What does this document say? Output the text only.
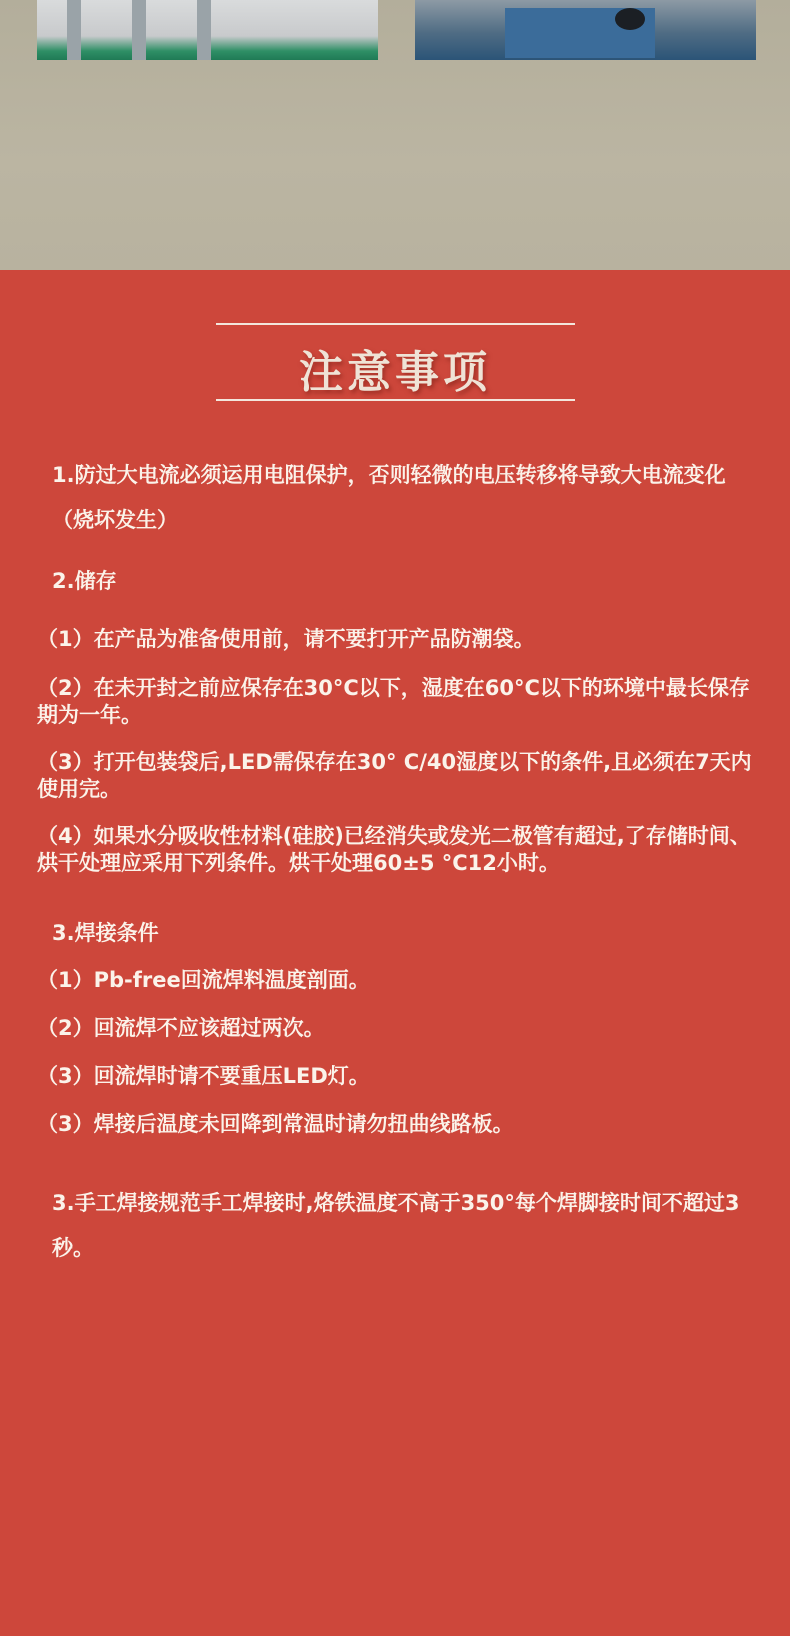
注意事项
1.防过大电流必须运用电阻保护，否则轻微的电压转移将导致大电流变化（烧坏发生）
2.储存
（1）在产品为准备使用前，请不要打开产品防潮袋。
（2）在未开封之前应保存在30°C以下，湿度在60°C以下的环境中最长保存期为一年。
（3）打开包装袋后,LED需保存在30° C/40湿度以下的条件,且必须在7天内使用完。
（4）如果水分吸收性材料(硅胶)已经消失或发光二极管有超过,了存储时间、烘干处理应采用下列条件。烘干处理60±5 °C12小时。
3.焊接条件
（1）Pb-free回流焊料温度剖面。
（2）回流焊不应该超过两次。
（3）回流焊时请不要重压LED灯。
（3）焊接后温度未回降到常温时请勿扭曲线路板。
3.手工焊接规范手工焊接时,烙铁温度不高于350°每个焊脚接时间不超过3秒。
